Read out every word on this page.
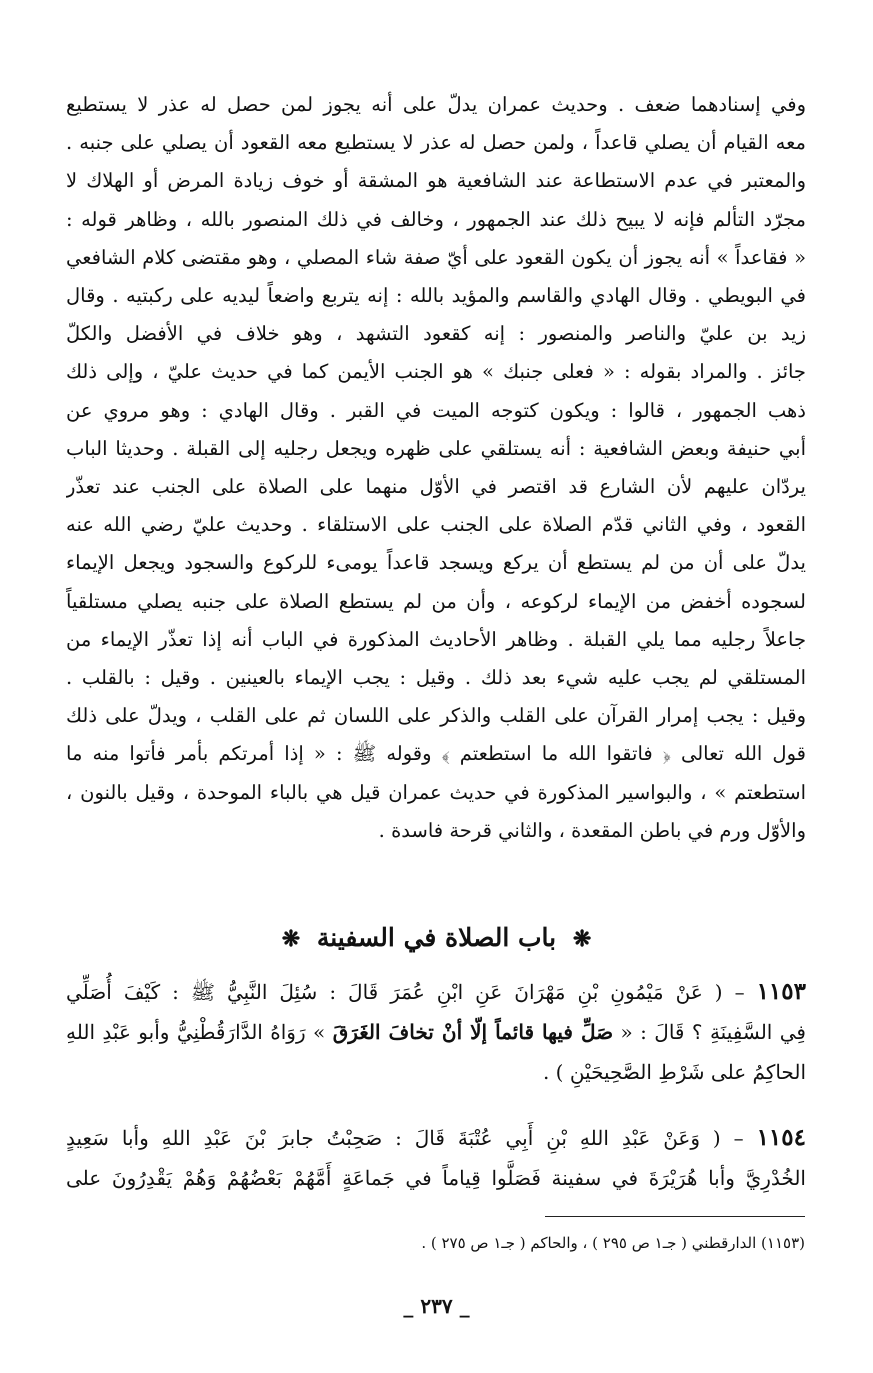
وفي إسنادهما ضعف . وحديث عمران يدلّ على أنه يجوز لمن حصل له عذر لا يستطيع
معه القيام أن يصلي قاعداً ، ولمن حصل له عذر لا يستطيع معه القعود أن يصلي على جنبه .
والمعتبر في عدم الاستطاعة عند الشافعية هو المشقة أو خوف زيادة المرض أو الهلاك لا
مجرّد التألم فإنه لا يبيح ذلك عند الجمهور ، وخالف في ذلك المنصور بالله ، وظاهر قوله :
« فقاعداً » أنه يجوز أن يكون القعود على أيّ صفة شاء المصلي ، وهو مقتضى كلام الشافعي
في البويطي . وقال الهادي والقاسم والمؤيد بالله : إنه يتربع واضعاً ليديه على ركبتيه . وقال
زيد بن عليّ والناصر والمنصور : إنه كقعود التشهد ، وهو خلاف في الأفضل والكلّ
جائز . والمراد بقوله : « فعلى جنبك » هو الجنب الأيمن كما في حديث عليّ ، وإلى ذلك
ذهب الجمهور ، قالوا : ويكون كتوجه الميت في القبر . وقال الهادي : وهو مروي عن
أبي حنيفة وبعض الشافعية : أنه يستلقي على ظهره ويجعل رجليه إلى القبلة . وحديثا الباب
يردّان عليهم لأن الشارع قد اقتصر في الأوّل منهما على الصلاة على الجنب عند تعذّر
القعود ، وفي الثاني قدّم الصلاة على الجنب على الاستلقاء . وحديث عليّ رضي الله عنه
يدلّ على أن من لم يستطع أن يركع ويسجد قاعداً يومىء للركوع والسجود ويجعل الإيماء
لسجوده أخفض من الإيماء لركوعه ، وأن من لم يستطع الصلاة على جنبه يصلي مستلقياً
جاعلاً رجليه مما يلي القبلة . وظاهر الأحاديث المذكورة في الباب أنه إذا تعذّر الإيماء من
المستلقي لم يجب عليه شيء بعد ذلك . وقيل : يجب الإيماء بالعينين . وقيل : بالقلب .
وقيل : يجب إمرار القرآن على القلب والذكر على اللسان ثم على القلب ، ويدلّ على ذلك
قول الله تعالى ﴿ فاتقوا الله ما استطعتم ﴾ وقوله ﷺ : « إذا أمرتكم بأمر فأتوا منه ما
استطعتم » ، والبواسير المذكورة في حديث عمران قيل هي بالباء الموحدة ، وقيل بالنون ،
والأوّل ورم في باطن المقعدة ، والثاني قرحة فاسدة .
❋ باب الصلاة في السفينة ❋
١١٥٣ – ( عَنْ مَيْمُونِ بْنِ مَهْرَانَ عَنِ ابْنِ عُمَرَ قَالَ : سُئِلَ النَّبِيُّ ﷺ : كَيْفَ أُصَلِّي
فِي السَّفِينَةِ ؟ قَالَ : « صَلِّ فيها قائماً إلّا أنْ تخافَ الغَرَقَ » رَوَاهُ الدَّارَقُطْنِيُّ وأبو عَبْدِ اللهِ
الحاكِمُ على شَرْطِ الصَّحِيحَيْنِ ) .
١١٥٤ – ( وَعَنْ عَبْدِ اللهِ بْنِ أَبِي عُتْبَةَ قَالَ : صَحِبْتُ جابرَ بْنَ عَبْدِ اللهِ وأبا سَعِيدٍ
الخُدْرِيَّ وأبا هُرَيْرَةَ في سفينة فَصَلَّوا قِياماً في جَماعَةٍ أَمَّهُمْ بَعْضُهُمْ وَهُمْ يَقْدِرُونَ على
(١١٥٣) الدارقطني ( جـ١ ص ٢٩٥ ) ، والحاكم ( جـ١ ص ٢٧٥ ) .
_ ٢٣٧ _
